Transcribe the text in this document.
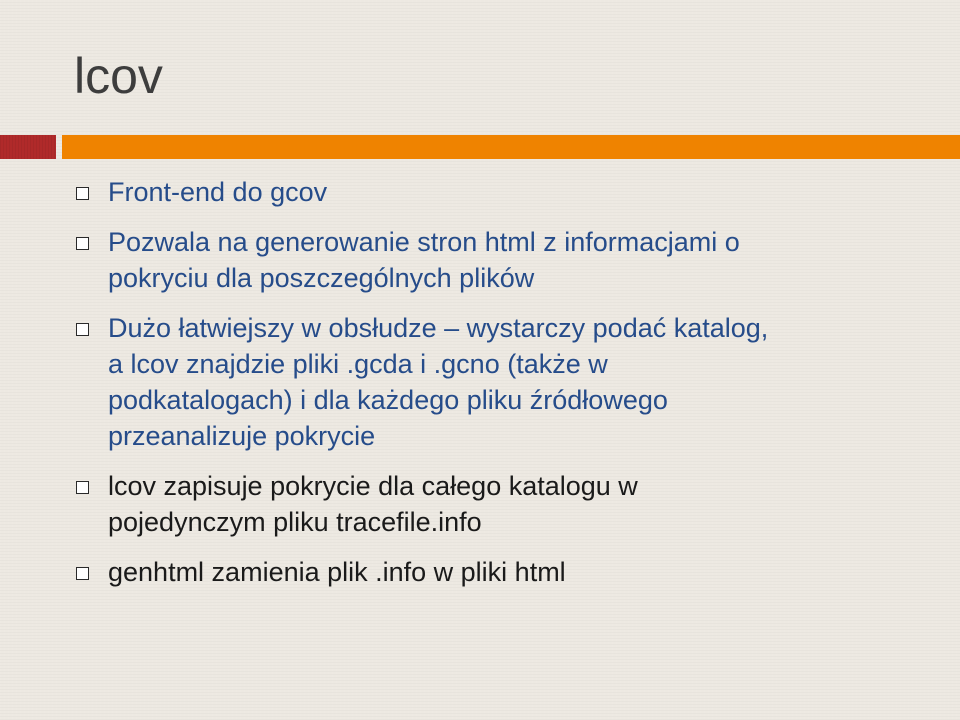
lcov
Front-end do gcov
Pozwala na generowanie stron html z informacjami o
pokryciu dla poszczególnych plików
Dużo łatwiejszy w obsłudze – wystarczy podać katalog,
a lcov znajdzie pliki .gcda i .gcno (także w
podkatalogach) i dla każdego pliku źródłowego
przeanalizuje pokrycie
lcov zapisuje pokrycie dla całego katalogu w
pojedynczym pliku tracefile.info
genhtml zamienia plik .info w pliki html
